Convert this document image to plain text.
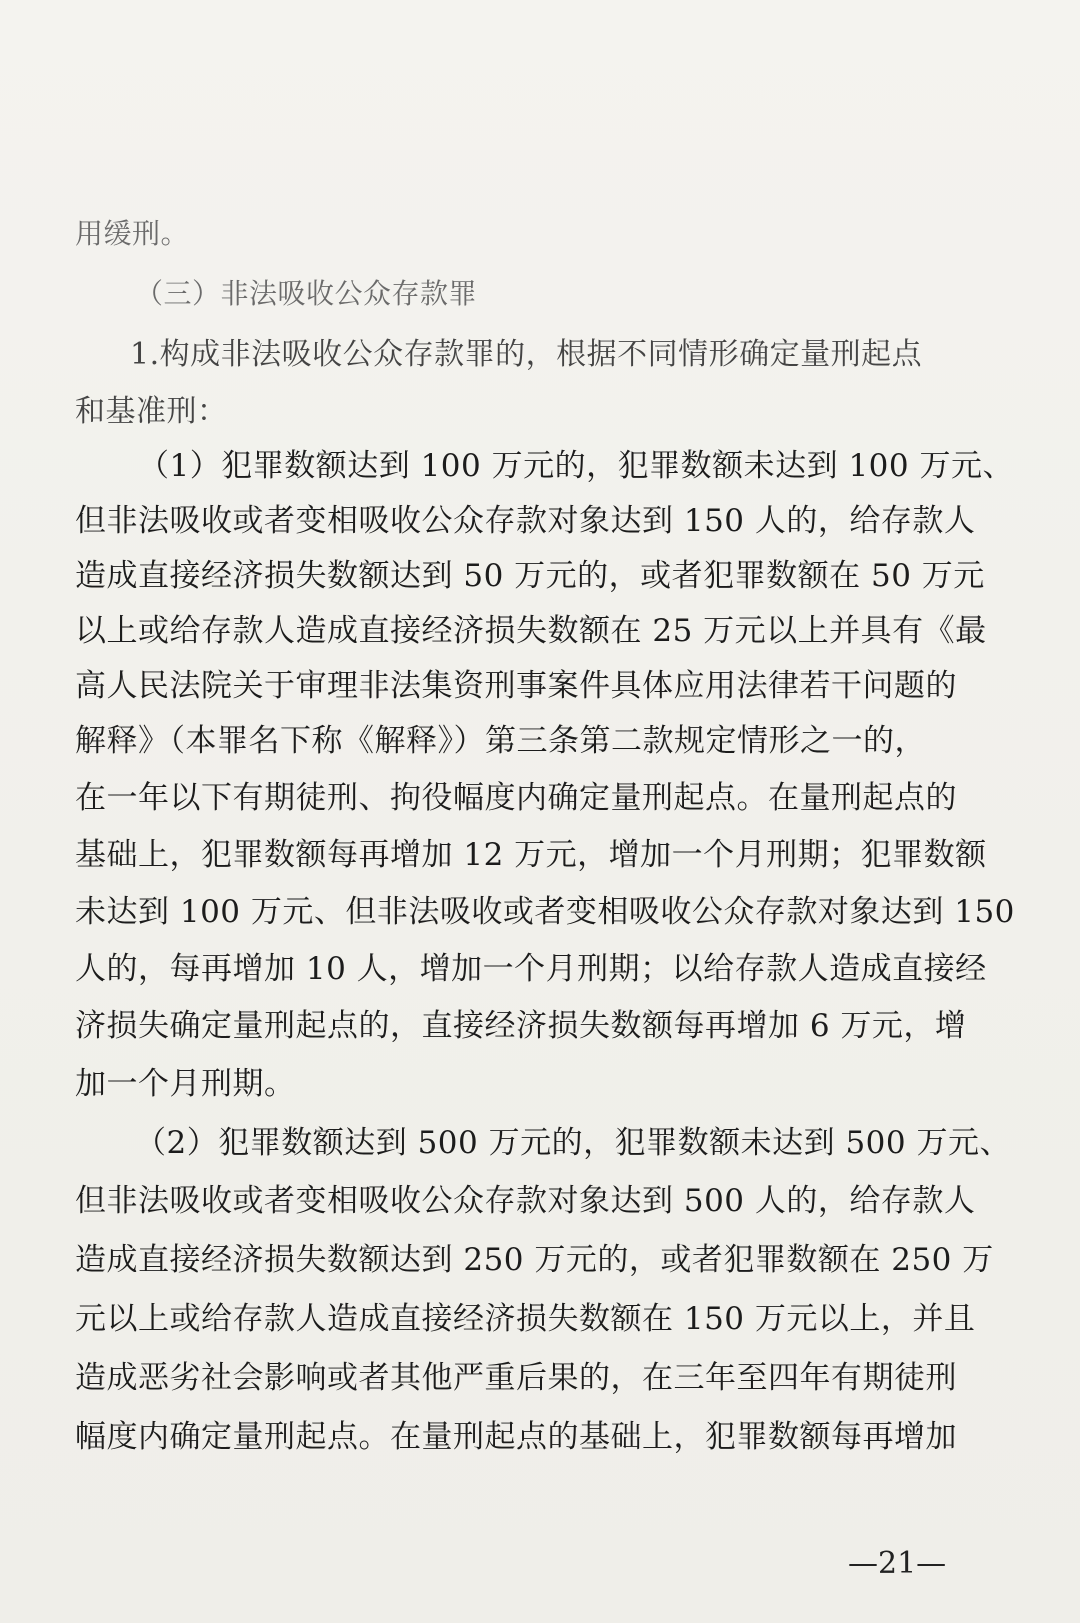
用缓刑。
（三）非法吸收公众存款罪
1.构成非法吸收公众存款罪的，根据不同情形确定量刑起点
和基准刑：
（1）犯罪数额达到 100 万元的，犯罪数额未达到 100 万元、
但非法吸收或者变相吸收公众存款对象达到 150 人的，给存款人
造成直接经济损失数额达到 50 万元的，或者犯罪数额在 50 万元
以上或给存款人造成直接经济损失数额在 25 万元以上并具有《最
高人民法院关于审理非法集资刑事案件具体应用法律若干问题的
解释》（本罪名下称《解释》）第三条第二款规定情形之一的，
在一年以下有期徒刑、拘役幅度内确定量刑起点。在量刑起点的
基础上，犯罪数额每再增加 12 万元，增加一个月刑期；犯罪数额
未达到 100 万元、但非法吸收或者变相吸收公众存款对象达到 150
人的，每再增加 10 人，增加一个月刑期；以给存款人造成直接经
济损失确定量刑起点的，直接经济损失数额每再增加 6 万元，增
加一个月刑期。
（2）犯罪数额达到 500 万元的，犯罪数额未达到 500 万元、
但非法吸收或者变相吸收公众存款对象达到 500 人的，给存款人
造成直接经济损失数额达到 250 万元的，或者犯罪数额在 250 万
元以上或给存款人造成直接经济损失数额在 150 万元以上，并且
造成恶劣社会影响或者其他严重后果的，在三年至四年有期徒刑
幅度内确定量刑起点。在量刑起点的基础上，犯罪数额每再增加
—21—
